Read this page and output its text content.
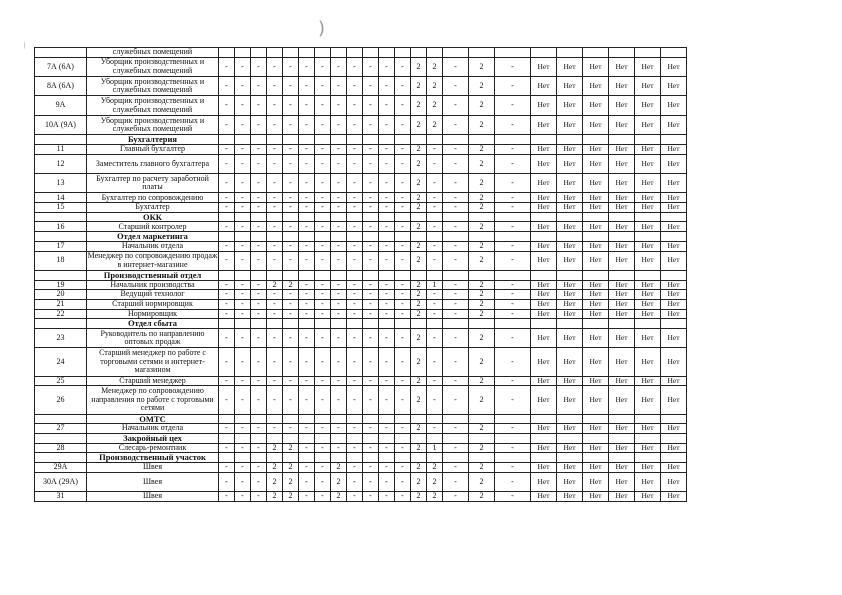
)
❘
	служебных помещений																							
7А (6А)	Уборщик производственных и служебных помещений	-	-	-	-	-	-	-	-	-	-	-	-	2	2	-	2	-	Нет	Нет	Нет	Нет	Нет	Нет
8А (6А)	Уборщик производственных и служебных помещений	-	-	-	-	-	-	-	-	-	-	-	-	2	2	-	2	-	Нет	Нет	Нет	Нет	Нет	Нет
9А	Уборщик производственных и служебных помещений	-	-	-	-	-	-	-	-	-	-	-	-	2	2	-	2	-	Нет	Нет	Нет	Нет	Нет	Нет
10А (9А)	Уборщик производственных и служебных помещений	-	-	-	-	-	-	-	-	-	-	-	-	2	2	-	2	-	Нет	Нет	Нет	Нет	Нет	Нет
	Бухгалтерия																							
11	Главный бухгалтер	-	-	-	-	-	-	-	-	-	-	-	-	2	-	-	2	-	Нет	Нет	Нет	Нет	Нет	Нет
12	Заместитель главного бухгалтера	-	-	-	-	-	-	-	-	-	-	-	-	2	-	-	2	-	Нет	Нет	Нет	Нет	Нет	Нет
13	Бухгалтер по расчету заработной платы	-	-	-	-	-	-	-	-	-	-	-	-	2	-	-	2	-	Нет	Нет	Нет	Нет	Нет	Нет
14	Бухгалтер по сопровождению	-	-	-	-	-	-	-	-	-	-	-	-	2	-	-	2	-	Нет	Нет	Нет	Нет	Нет	Нет
15	Бухгалтер	-	-	-	-	-	-	-	-	-	-	-	-	2	-	-	2	-	Нет	Нет	Нет	Нет	Нет	Нет
	ОКК																							
16	Старший контролер	-	-	-	-	-	-	-	-	-	-	-	-	2	-	-	2	-	Нет	Нет	Нет	Нет	Нет	Нет
	Отдел маркетинга																							
17	Начальник отдела	-	-	-	-	-	-	-	-	-	-	-	-	2	-	-	2	-	Нет	Нет	Нет	Нет	Нет	Нет
18	Менеджер по сопровождению продаж в интернет-магазине	-	-	-	-	-	-	-	-	-	-	-	-	2	-	-	2	-	Нет	Нет	Нет	Нет	Нет	Нет
	Производственный отдел																							
19	Начальник производства	-	-	-	2	2	-	-	-	-	-	-	-	2	1	-	2	-	Нет	Нет	Нет	Нет	Нет	Нет
20	Ведущий технолог	-	-	-	-	-	-	-	-	-	-	-	-	2	-	-	2	-	Нет	Нет	Нет	Нет	Нет	Нет
21	Старший нормировщик	-	-	-	-	-	-	-	-	-	-	-	-	2	-	-	2	-	Нет	Нет	Нет	Нет	Нет	Нет
22	Нормировщик	-	-	-	-	-	-	-	-	-	-	-	-	2	-	-	2	-	Нет	Нет	Нет	Нет	Нет	Нет
	Отдел сбыта																							
23	Руководитель по направлению оптовых продаж	-	-	-	-	-	-	-	-	-	-	-	-	2	-	-	2	-	Нет	Нет	Нет	Нет	Нет	Нет
24	Старший менеджер по работе с торговыми сетями и интернет-магазином	-	-	-	-	-	-	-	-	-	-	-	-	2	-	-	2	-	Нет	Нет	Нет	Нет	Нет	Нет
25	Старший менеджер	-	-	-	-	-	-	-	-	-	-	-	-	2	-	-	2	-	Нет	Нет	Нет	Нет	Нет	Нет
26	Менеджер по сопровождению направления по работе с торговыми сетями	-	-	-	-	-	-	-	-	-	-	-	-	2	-	-	2	-	Нет	Нет	Нет	Нет	Нет	Нет
	ОМТС																							
27	Начальник отдела	-	-	-	-	-	-	-	-	-	-	-	-	2	-	-	2	-	Нет	Нет	Нет	Нет	Нет	Нет
	Закройный цех																							
28	Слесарь-ремонтник	-	-	-	2	2	-	-	-	-	-	-	-	2	1	-	2	-	Нет	Нет	Нет	Нет	Нет	Нет
	Производственный участок																							
29А	Швея	-	-	-	2	2	-	-	2	-	-	-	-	2	2	-	2	-	Нет	Нет	Нет	Нет	Нет	Нет
30А (29А)	Швея	-	-	-	2	2	-	-	2	-	-	-	-	2	2	-	2	-	Нет	Нет	Нет	Нет	Нет	Нет
31	Швея	-	-	-	2	2	-	-	2	-	-	-	-	2	2	-	2	-	Нет	Нет	Нет	Нет	Нет	Нет
